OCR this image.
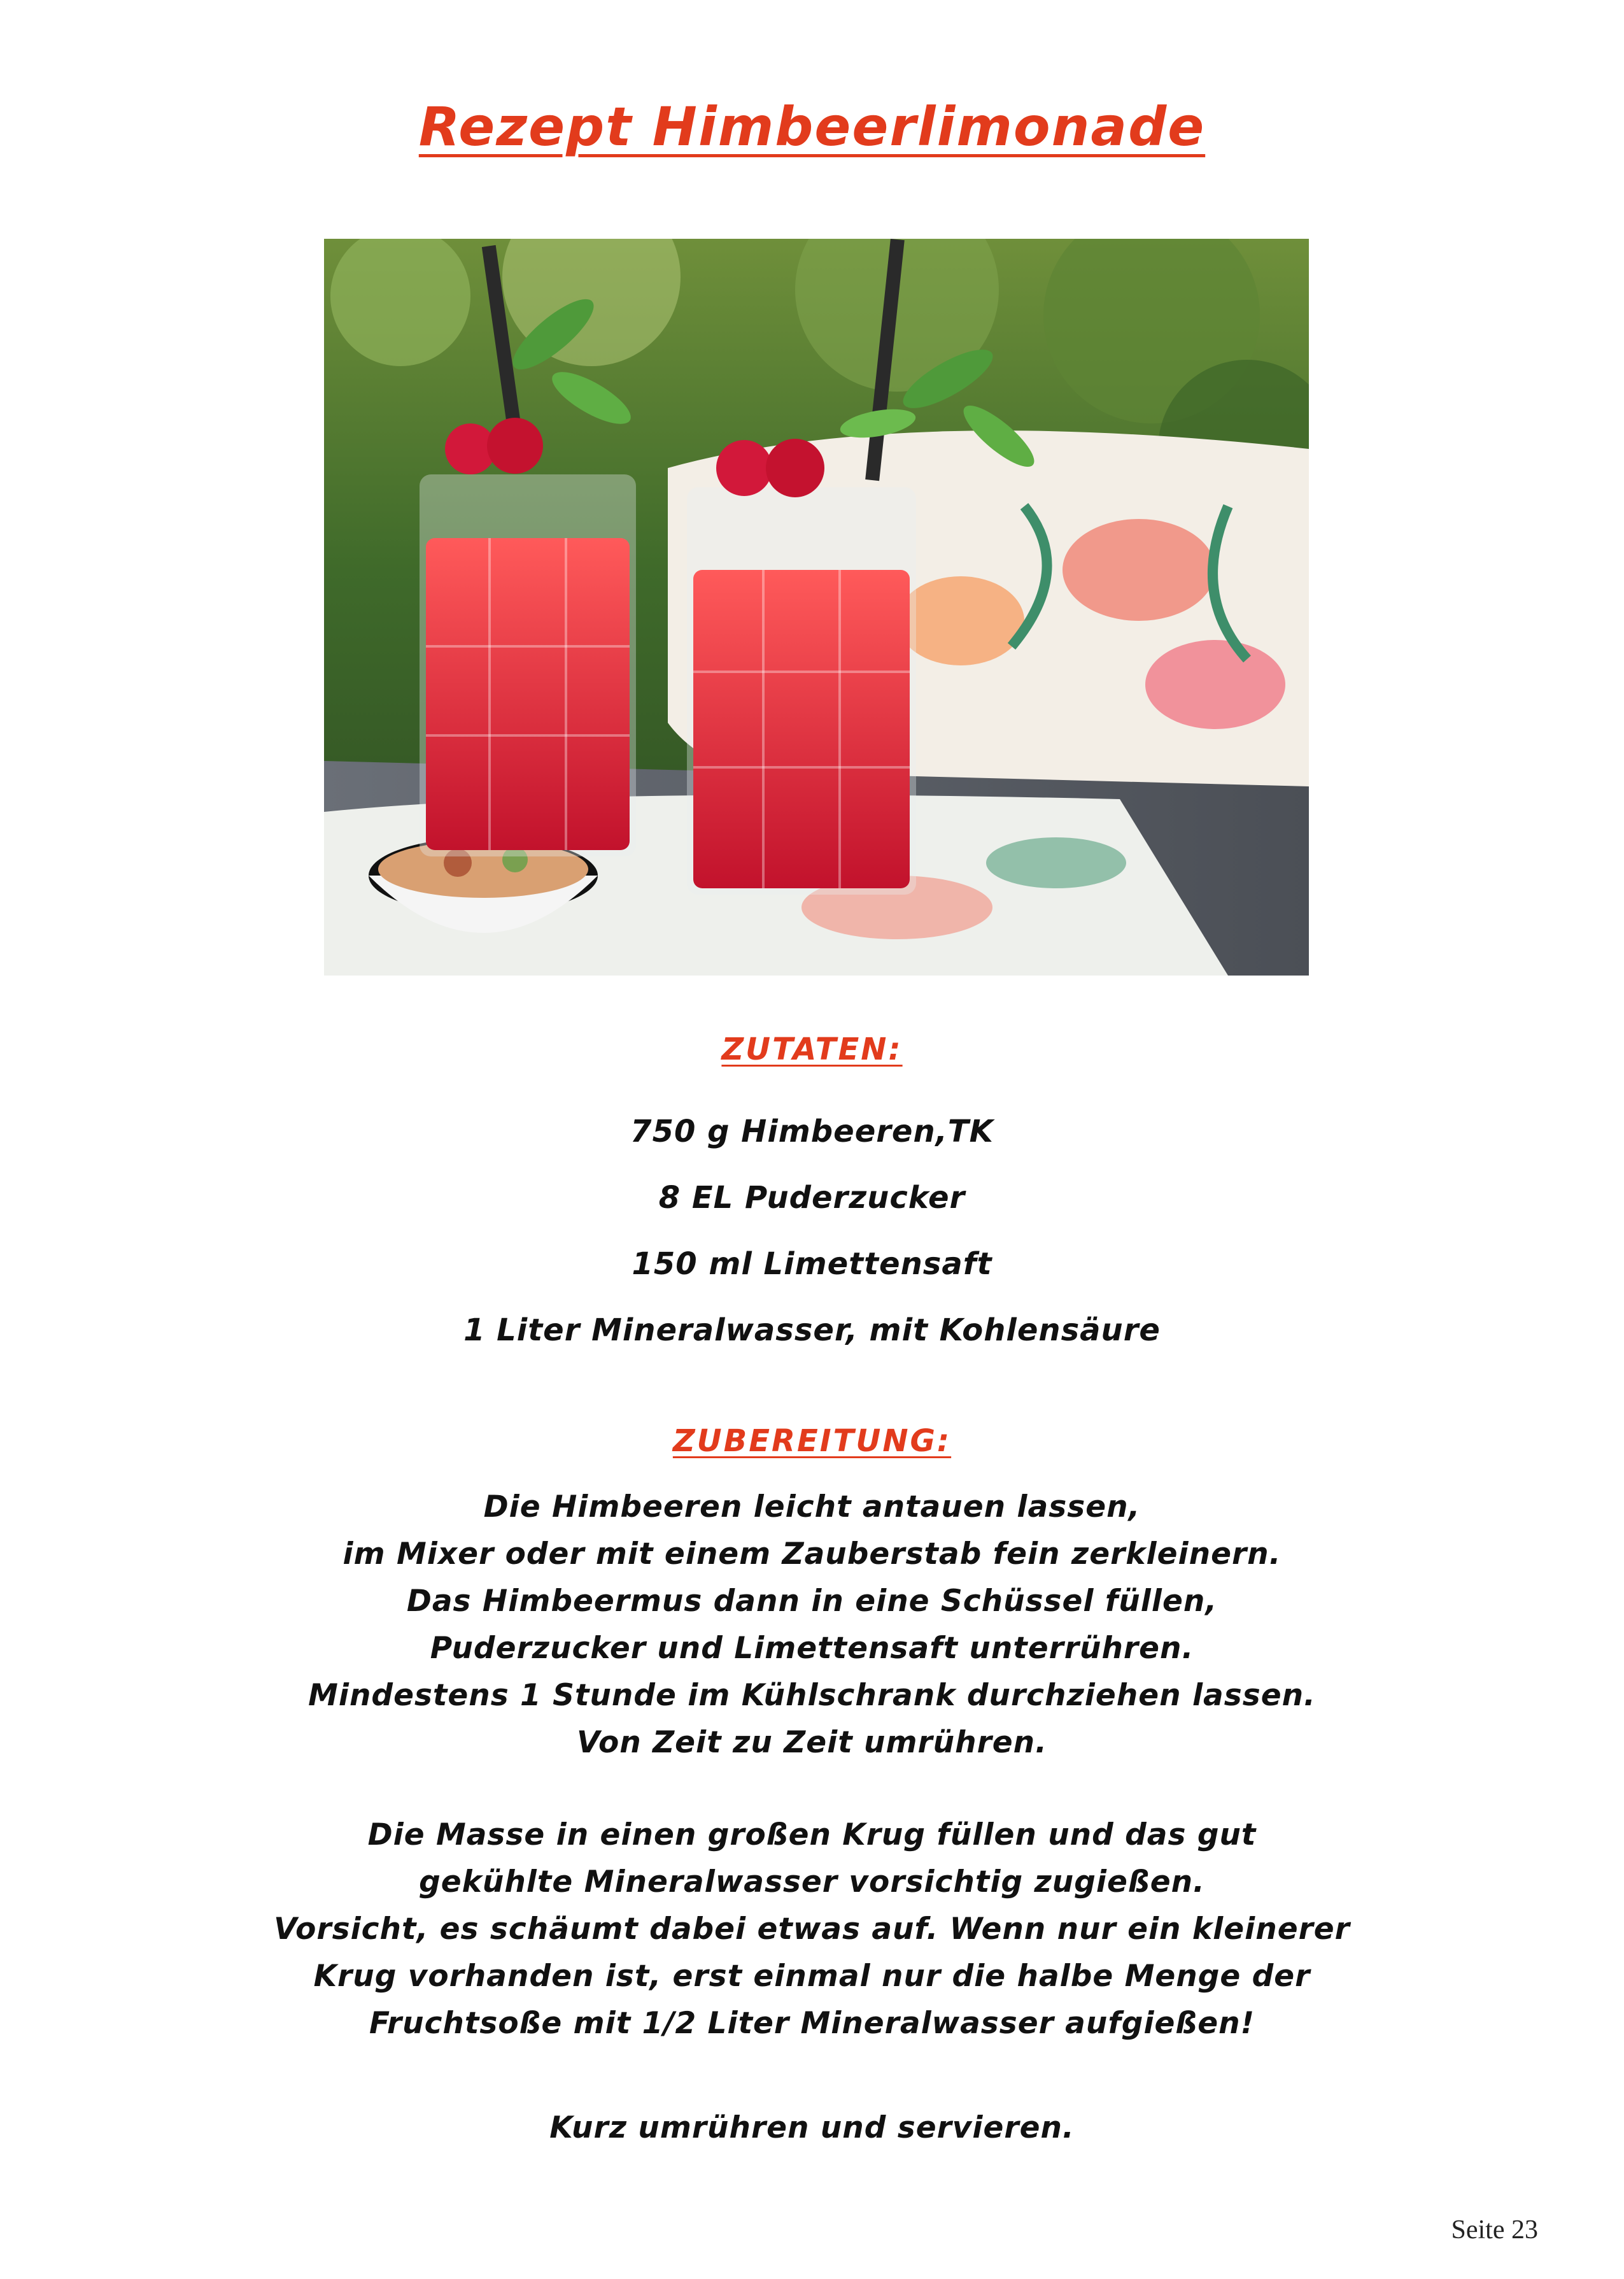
Rezept Himbeerlimonade
ZUTATEN:
750 g Himbeeren,TK
8 EL Puderzucker
150 ml Limettensaft
1 Liter Mineralwasser, mit Kohlensäure
ZUBEREITUNG:
Die Himbeeren leicht antauen lassen,
im Mixer oder mit einem Zauberstab fein zerkleinern.
Das Himbeermus dann in eine Schüssel füllen,
Puderzucker und Limettensaft unterrühren.
Mindestens 1 Stunde im Kühlschrank durchziehen lassen.
Von Zeit zu Zeit umrühren.
Die Masse in einen großen Krug füllen und das gut
gekühlte Mineralwasser vorsichtig zugießen.
Vorsicht, es schäumt dabei etwas auf. Wenn nur ein kleinerer
Krug vorhanden ist, erst einmal nur die halbe Menge der
Fruchtsoße mit 1/2 Liter Mineralwasser aufgießen!
Kurz umrühren und servieren.
Seite 23
